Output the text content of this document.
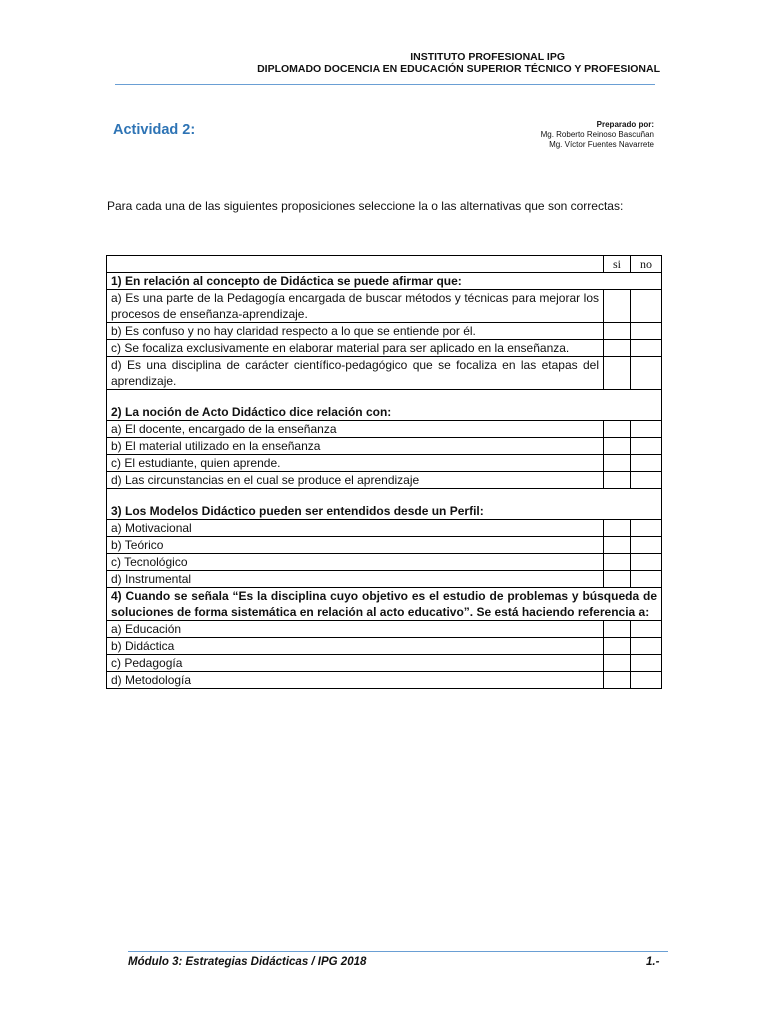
INSTITUTO PROFESIONAL IPG
DIPLOMADO DOCENCIA EN EDUCACIÓN SUPERIOR TÉCNICO Y PROFESIONAL
Actividad 2:	Preparado por:
Mg. Roberto Reinoso Bascuñan
Mg. Víctor Fuentes Navarrete
Para cada una de las siguientes proposiciones seleccione la o las alternativas que son correctas:
	si	no
1) En relación al concepto de Didáctica se puede afirmar que:		
a) Es una parte de la Pedagogía encargada de buscar métodos y técnicas para mejorar los procesos de enseñanza-aprendizaje.		
b) Es confuso y no hay claridad respecto a lo que se entiende por él.		
c) Se focaliza exclusivamente en elaborar material para ser aplicado en la enseñanza.		
d) Es una disciplina de carácter científico-pedagógico que se focaliza en las etapas del aprendizaje.		

2) La noción de Acto Didáctico dice relación con:		
a) El docente, encargado de la enseñanza		
b) El material utilizado en la enseñanza		
c) El estudiante, quien aprende.		
d) Las circunstancias en el cual se produce el aprendizaje		

3) Los Modelos Didáctico pueden ser entendidos desde un Perfil:		
a) Motivacional		
b) Teórico		
c) Tecnológico		
d) Instrumental		
4) Cuando se señala “Es la disciplina cuyo objetivo es el estudio de problemas y búsqueda de soluciones de forma sistemática en relación al acto educativo”. Se está haciendo referencia a:		
a) Educación		
b) Didáctica		
c) Pedagogía		
d) Metodología		
Módulo 3: Estrategias Didácticas / IPG 2018	1.-
